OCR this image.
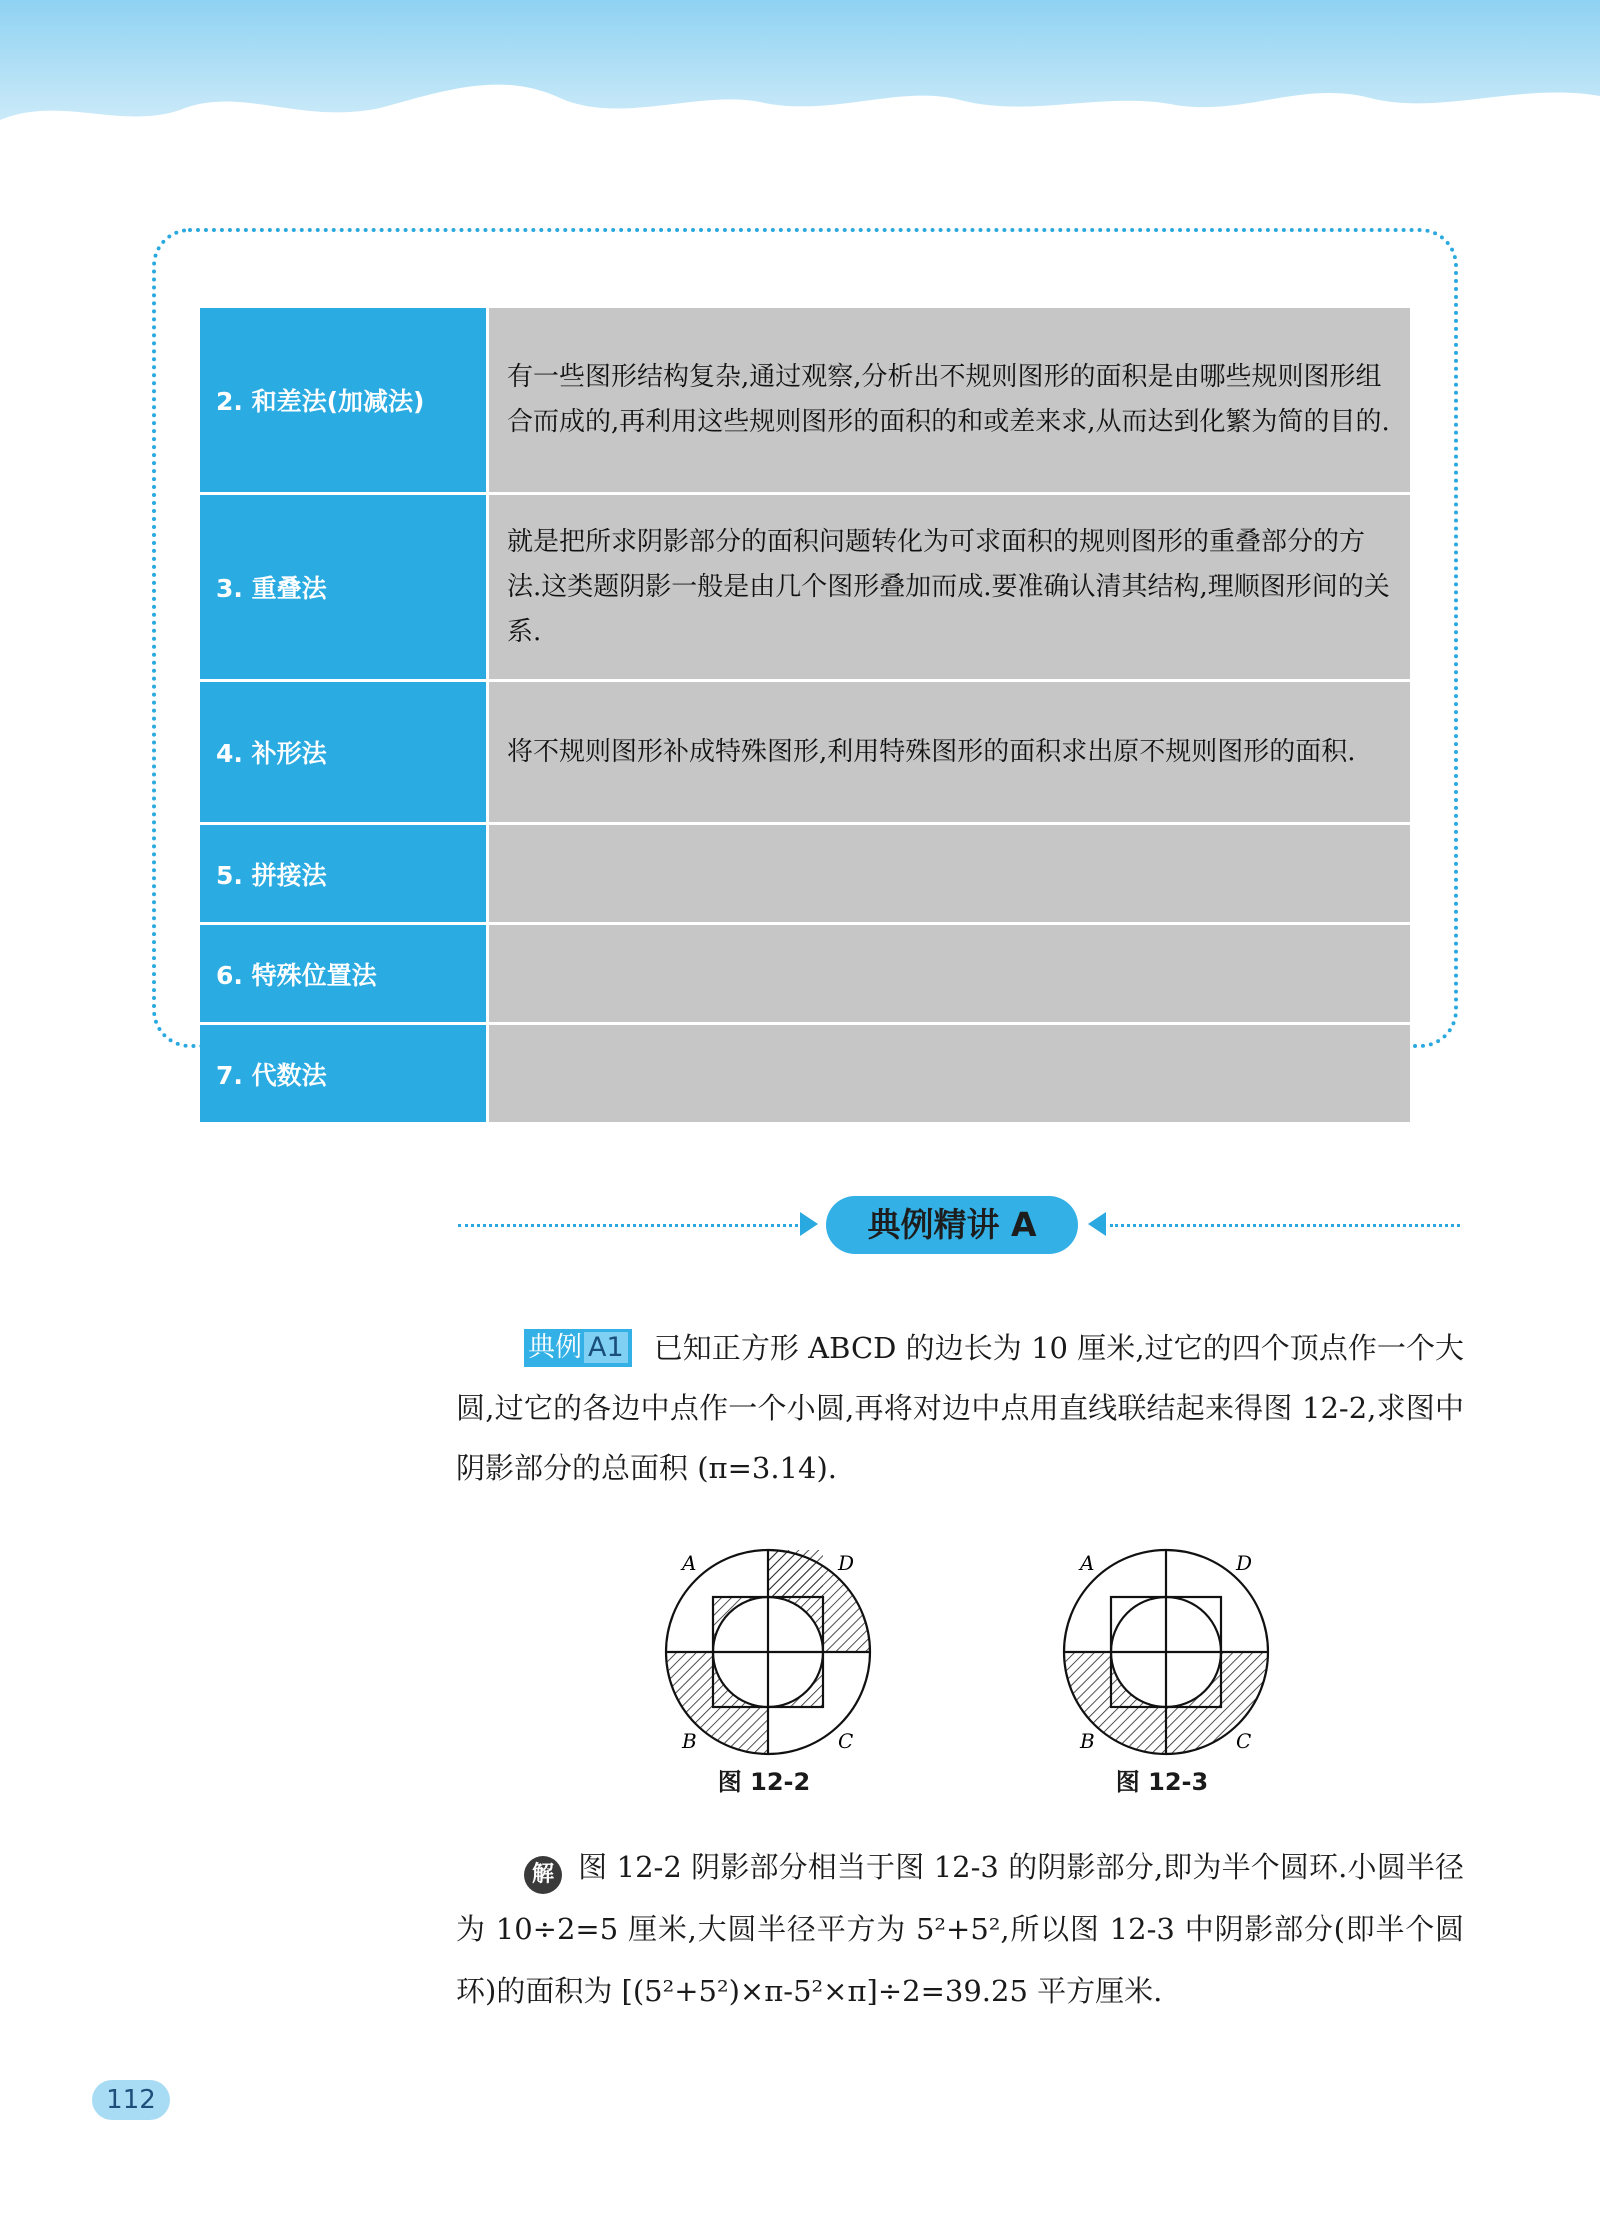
2. 和差法(加减法)	有一些图形结构复杂,通过观察,分析出不规则图形的面积是由哪些规则图形组合而成的,再利用这些规则图形的面积的和或差来求,从而达到化繁为简的目的.
3. 重叠法	就是把所求阴影部分的面积问题转化为可求面积的规则图形的重叠部分的方法.这类题阴影一般是由几个图形叠加而成.要准确认清其结构,理顺图形间的关系.
4. 补形法	将不规则图形补成特殊图形,利用特殊图形的面积求出原不规则图形的面积.
5. 拼接法	
6. 特殊位置法	
7. 代数法	
典例精讲 A
典例 A1 已知正方形 ABCD 的边长为 10 厘米,过它的四个顶点作一个大圆,过它的各边中点作一个小圆,再将对边中点用直线联结起来得图 12-2,求图中阴影部分的总面积 (π=3.14).
A	D
B	C
图 12-2
A	D
B	C
图 12-3
解 图 12-2 阴影部分相当于图 12-3 的阴影部分,即为半个圆环.小圆半径为 10÷2=5 厘米,大圆半径平方为 5²+5²,所以图 12-3 中阴影部分(即半个圆环)的面积为 [(5²+5²)×π-5²×π]÷2=39.25 平方厘米.
112
